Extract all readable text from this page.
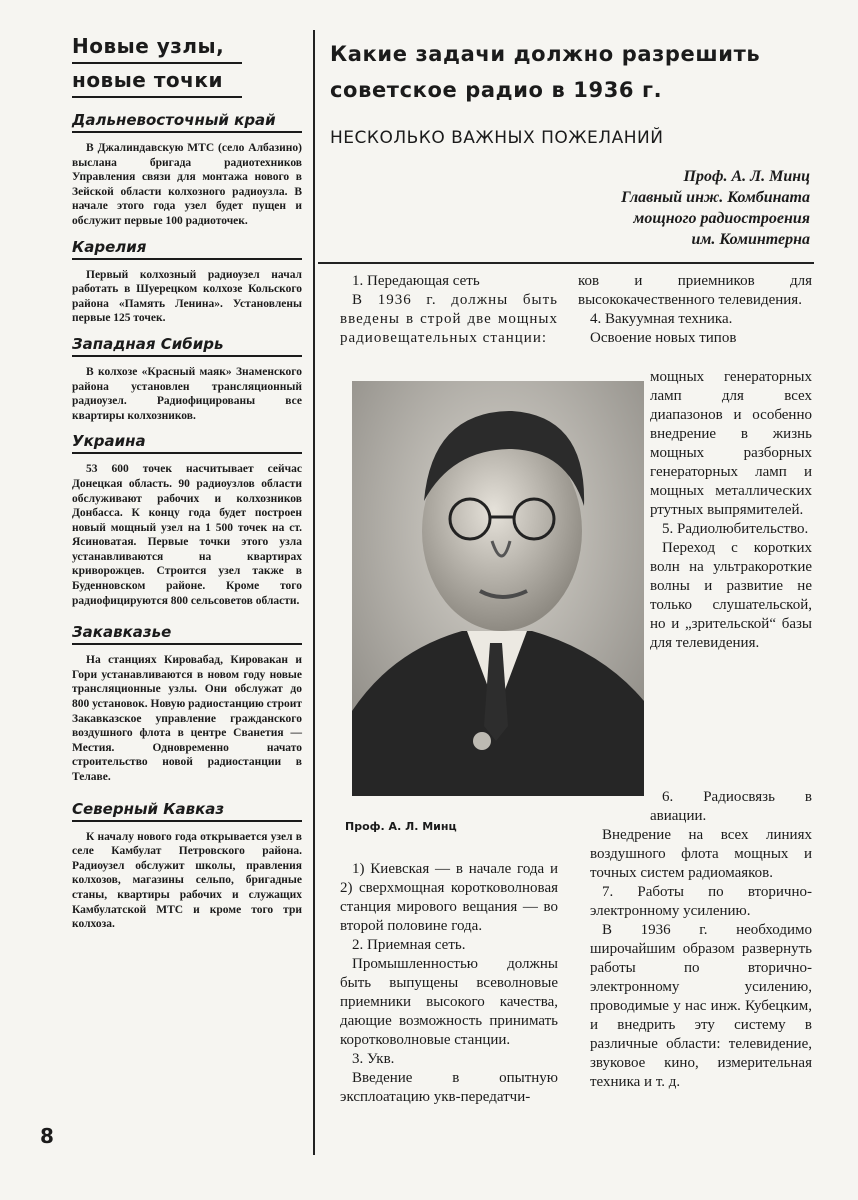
Новые узлы,
новые точки
Дальневосточный край
В Джалиндавскую МТС (село Албазино) выслана бригада радиотехников Управления связи для монтажа нового в Зейской области колхозного радиоузла. В начале этого года узел будет пущен и обслужит первые 100 радиоточек.
Карелия
Первый колхозный радиоузел начал работать в Шуерецком колхозе Кольского района «Память Ленина». Установлены первые 125 точек.
Западная Сибирь
В колхозе «Красный маяк» Знаменского района установлен трансляционный радиоузел. Радиофицированы все квартиры колхозников.
Украина
53 600 точек насчитывает сейчас Донецкая область. 90 радиоузлов области обслуживают рабочих и колхозников Донбасса. К концу года будет построен новый мощный узел на 1 500 точек на ст. Ясиноватая. Первые точки этого узла устанавливаются на квартирах криворожцев. Строится узел также в Буденновском районе. Кроме того радиофицируются 800 сельсоветов области.
Закавказье
На станциях Кировабад, Кировакан и Гори устанавливаются в новом году новые трансляционные узлы. Они обслужат до 800 установок. Новую радиостанцию строит Закавказское управление гражданского воздушного флота в центре Сванетия — Местия. Одновременно начато строительство новой радиостанции в Телаве.
Северный Кавказ
К началу нового года открывается узел в селе Камбулат Петровского района. Радиоузел обслужит школы, правления колхозов, магазины сельпо, бригадные станы, квартиры рабочих и служащих Камбулатской МТС и кроме того три колхоза.
Какие задачи должно разрешить советское радио в 1936 г.
НЕСКОЛЬКО ВАЖНЫХ ПОЖЕЛАНИЙ
Проф. А. Л. Минц
Главный инж. Комбината
мощного радиостроения
им. Коминтерна
1. Передающая сеть
В 1936 г. должны быть введены в строй две мощных радиовещательных станции:
Проф. А. Л. Минц
1) Киевская — в начале года и 2) сверхмощная коротковолновая станция мирового вещания — во второй половине года.
2. Приемная сеть.
Промышленностью должны быть выпущены всеволновые приемники высокого качества, дающие возможность принимать коротковолновые станции.
3. Укв.
Введение в опытную эксплоатацию укв-передатчи-
ков и приемников для высококачественного телевидения.
4. Вакуумная техника.
Освоение новых типов
мощных генераторных ламп для всех диапазонов и особенно внедрение в жизнь мощных разборных генераторных ламп и мощных металлических ртутных выпрямителей.
5. Радиолюбительство.
Переход с коротких волн на ультракороткие волны и развитие не только слушательской, но и „зрительской“ базы для телевидения.
6. Радиосвязь в авиации.
Внедрение на всех линиях воздушного флота мощных и точных систем радиомаяков.
7. Работы по вторично-электронному усилению.
В 1936 г. необходимо широчайшим образом развернуть работы по вторично-электронному усилению, проводимые у нас инж. Кубецким, и внедрить эту систему в различные области: телевидение, звуковое кино, измерительная техника и т. д.
8
